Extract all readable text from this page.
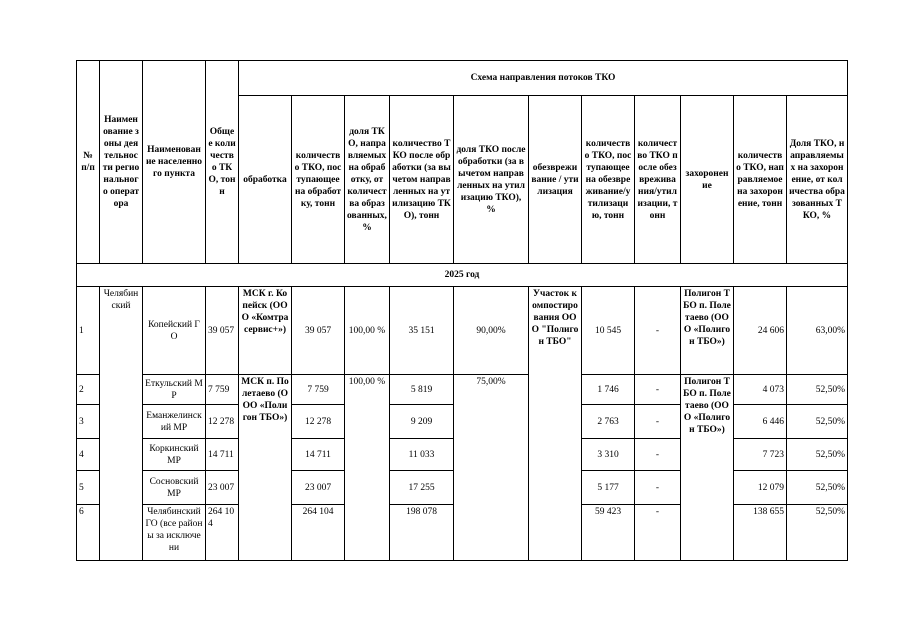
№ п/п	Наименование зоны деятельности регионального оператора	Наименование населенного пункта	Общее количество ТКО, тонн	Схема направления потоков ТКО										
				обработка	количество ТКО, поступающее на обработку, тонн	доля ТКО, направляемых на обработку, от количества образованных, %	количество ТКО после обработки (за вычетом направленных на утилизацию ТКО), тонн	доля ТКО после обработки (за вычетом направленных на утилизацию ТКО), %	обезвреживание / утилизация	количество ТКО, поступающее на обезвреживание/утилизацию, тонн	количество ТКО после обезвреживания/утилизации, тонн	захоронение	количество ТКО, направляемое на захоронение, тонн	Доля ТКО, направляемых на захоронение, от количества образованных ТКО, %
2025 год														
1	Челябинский	Копейский ГО	39 057	МСК г. Копейск (ООО «Комтрасервис+»)	39 057	100,00 %	35 151	90,00%	Участок компостирования ООО "Полигон ТБО"	10 545	-	Полигон ТБО п. Полетаево (ООО «Полигон ТБО»)	24 606	63,00%
2		Еткульский МР	7 759	МСК п. Полетаево (ООО «Полигон ТБО»)	7 759	100,00 %	5 819	75,00%		1 746	-	Полигон ТБО п. Полетаево (ООО «Полигон ТБО»)	4 073	52,50%
3		Еманжелинский МР	12 278		12 278		9 209			2 763	-		6 446	52,50%
4		Коркинский МР	14 711		14 711		11 033			3 310	-		7 723	52,50%
5		Сосновский МР	23 007		23 007		17 255			5 177	-		12 079	52,50%
6		Челябинский ГО (все районы за исключени	264 104		264 104		198 078			59 423	-		138 655	52,50%
